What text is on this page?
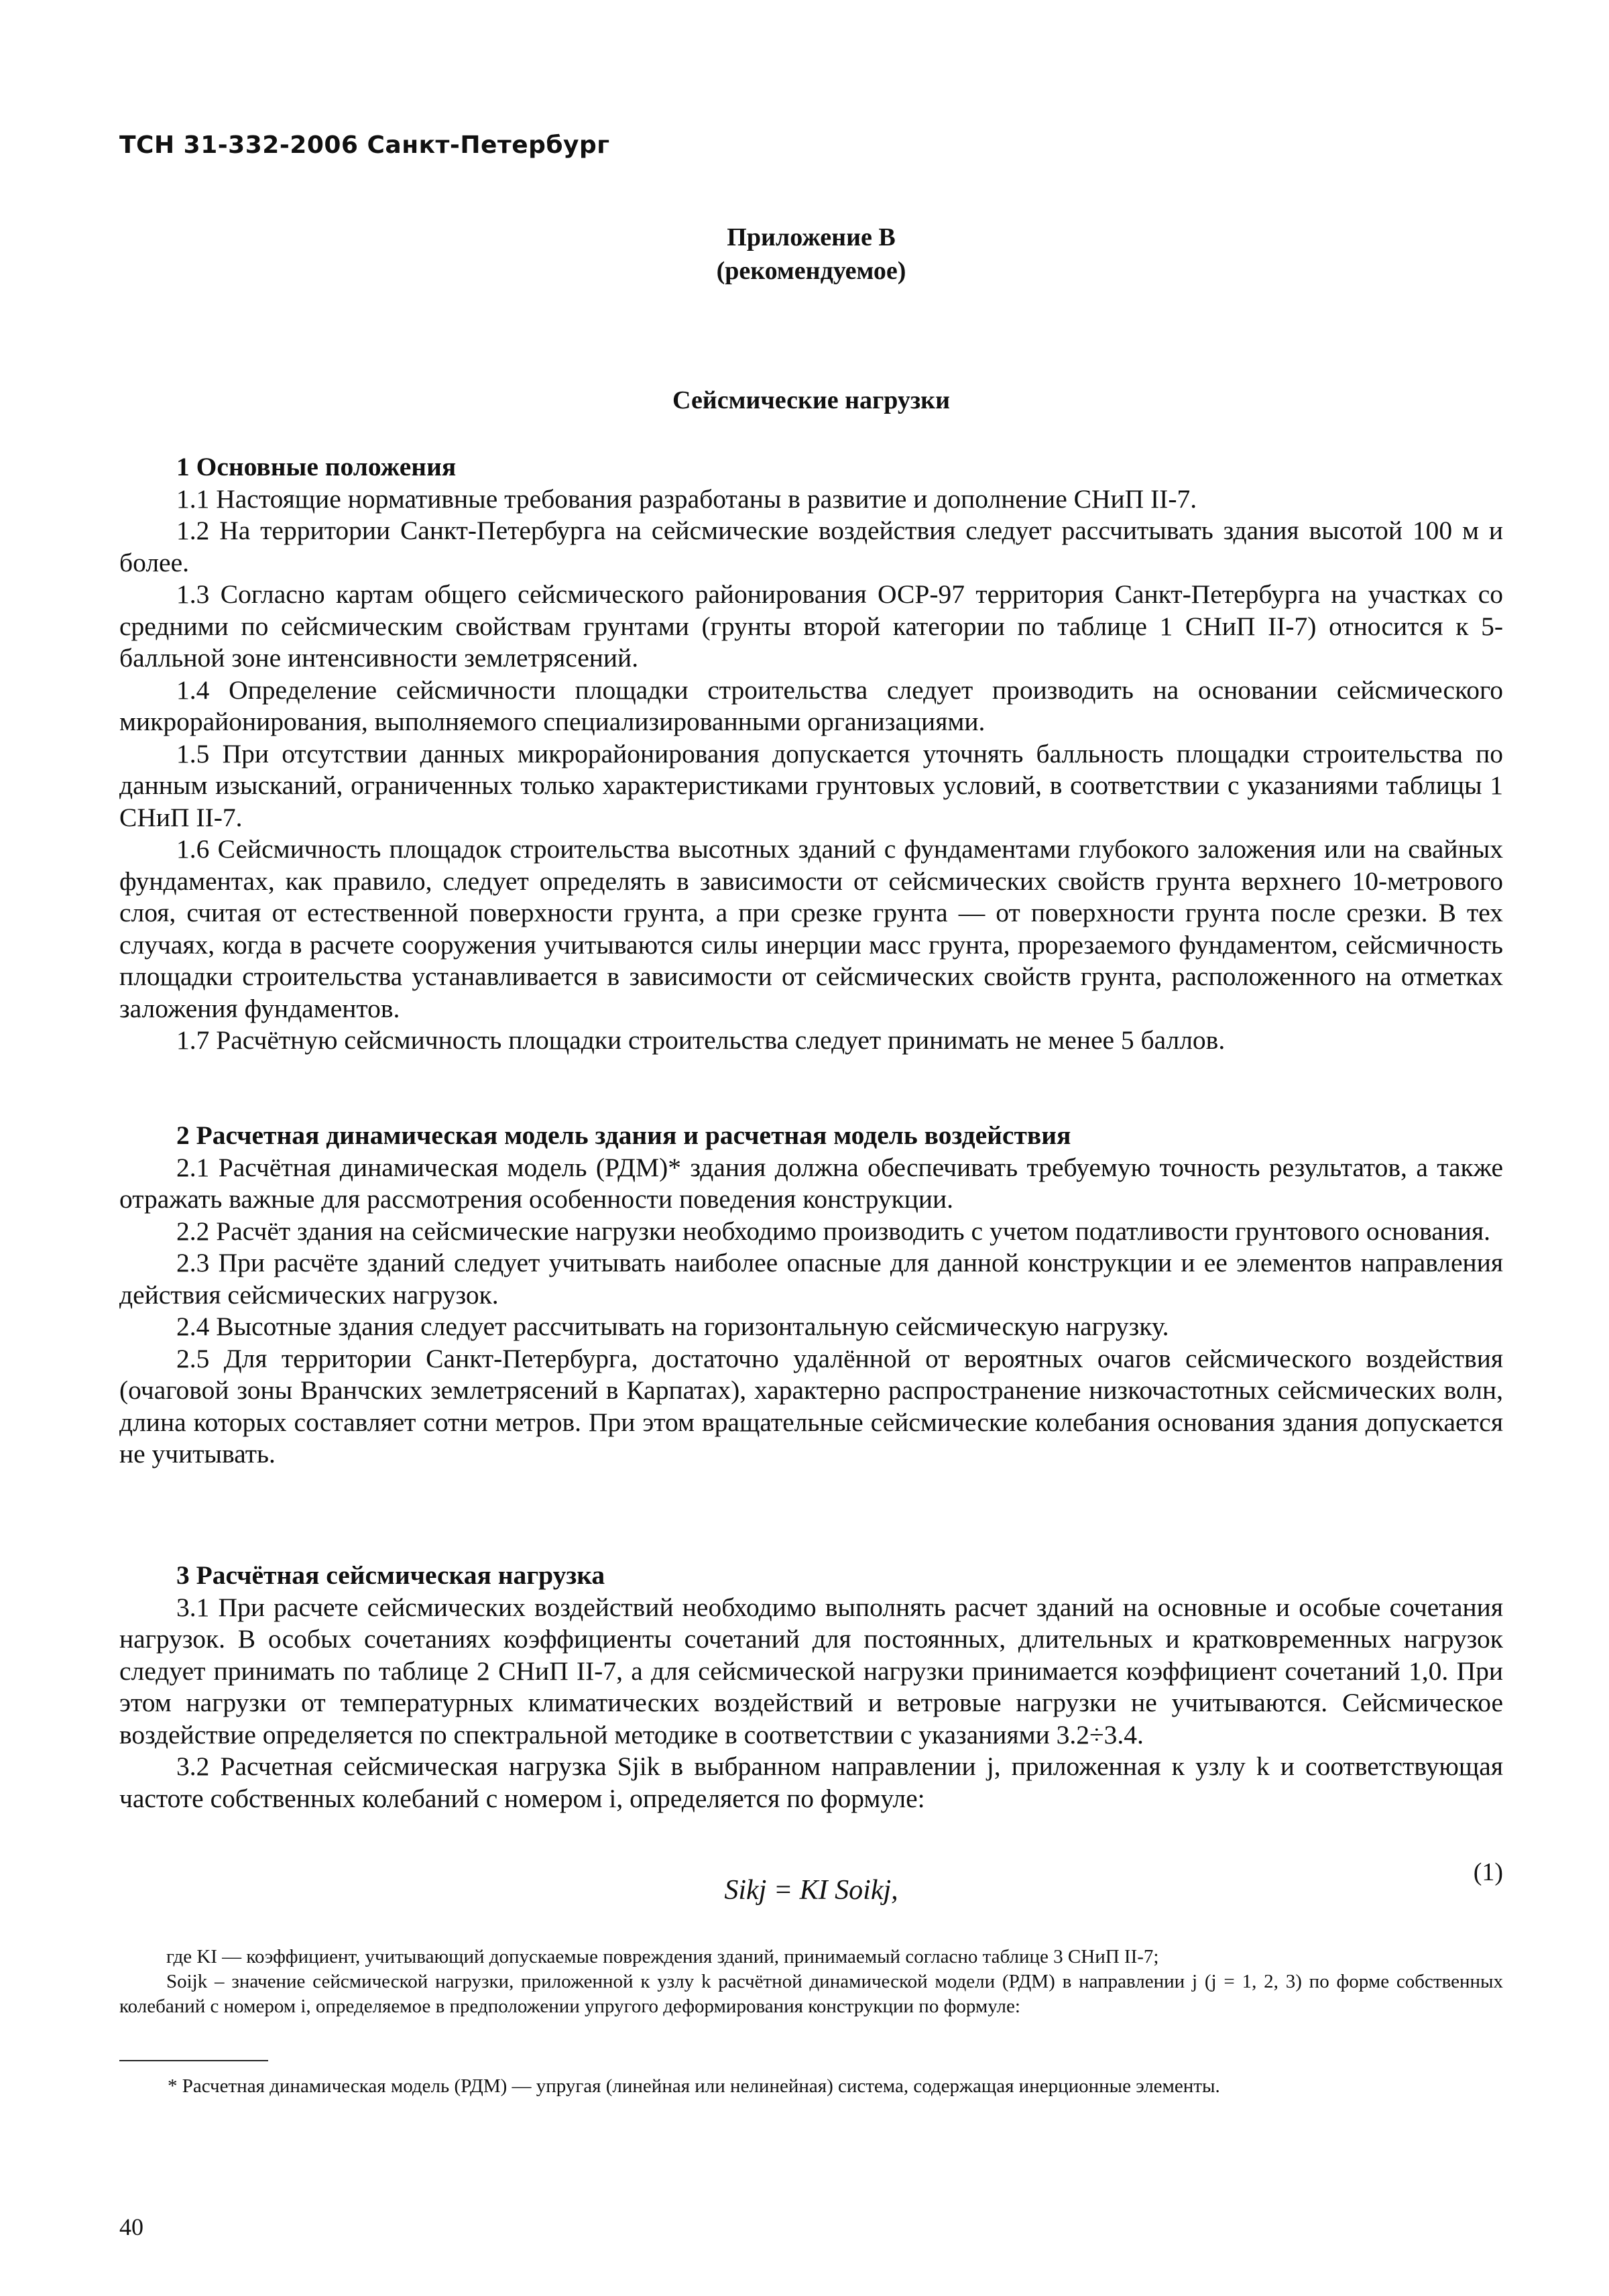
ТСН 31-332-2006 Санкт-Петербург
Приложение В
(рекомендуемое)
Сейсмические нагрузки

1 Основные положения

1.1 Настоящие нормативные требования разработаны в развитие и дополнение СНиП II-7.

1.2 На территории Санкт-Петербурга на сейсмические воздействия следует рассчитывать здания высотой 100 м и более.

1.3 Согласно картам общего сейсмического районирования ОСР-97 территория Санкт-Петербурга на участках со средними по сейсмическим свойствам грунтами (грунты второй категории по таблице 1 СНиП II-7) относится к 5-балльной зоне интенсивности землетрясений.

1.4 Определение сейсмичности площадки строительства следует производить на основании сейсмического микрорайонирования, выполняемого специализированными организациями.

1.5 При отсутствии данных микрорайонирования допускается уточнять балльность площадки строительства по данным изысканий, ограниченных только характеристиками грунтовых условий, в соответствии с указаниями таблицы 1 СНиП II-7.

1.6 Сейсмичность площадок строительства высотных зданий с фундаментами глубокого заложения или на свайных фундаментах, как правило, следует определять в зависимости от сейсмических свойств грунта верхнего 10-метрового слоя, считая от естественной поверхности грунта, а при срезке грунта — от поверхности грунта после срезки. В тех случаях, когда в расчете сооружения учитываются силы инерции масс грунта, прорезаемого фундаментом, сейсмичность площадки строительства устанавливается в зависимости от сейсмических свойств грунта, расположенного на отметках заложения фундаментов.

1.7 Расчётную сейсмичность площадки строительства следует принимать не менее 5 баллов.

2 Расчетная динамическая модель здания и расчетная модель воздействия

2.1 Расчётная динамическая модель (РДМ)* здания должна обеспечивать требуемую точность результатов, а также отражать важные для рассмотрения особенности поведения конструкции.

2.2 Расчёт здания на сейсмические нагрузки необходимо производить с учетом податливости грунтового основания.

2.3 При расчёте зданий следует учитывать наиболее опасные для данной конструкции и ее элементов направления действия сейсмических нагрузок.

2.4 Высотные здания следует рассчитывать на горизонтальную сейсмическую нагрузку.

2.5 Для территории Санкт-Петербурга, достаточно удалённой от вероятных очагов сейсмического воздействия (очаговой зоны Вранчских землетрясений в Карпатах), характерно распространение низкочастотных сейсмических волн, длина которых составляет сотни метров. При этом вращательные сейсмические колебания основания здания допускается не учитывать.

3 Расчётная сейсмическая нагрузка

3.1 При расчете сейсмических воздействий необходимо выполнять расчет зданий на основные и особые сочетания нагрузок. В особых сочетаниях коэффициенты сочетаний для постоянных, длительных и кратковременных нагрузок следует принимать по таблице 2 СНиП II-7, а для сейсмической нагрузки принимается коэффициент сочетаний 1,0. При этом нагрузки от температурных климатических воздействий и ветровые нагрузки не учитываются. Сейсмическое воздействие определяется по спектральной методике в соответствии с указаниями 3.2÷3.4.

3.2 Расчетная сейсмическая нагрузка Sjik в выбранном направлении j, приложенная к узлу k и соответствующая частоте собственных колебаний с номером i, определяется по формуле:

Sikj = KI Soikj,
(1)

где KI — коэффициент, учитывающий допускаемые повреждения зданий, принимаемый согласно таблице 3 СНиП II-7;

Soijk – значение сейсмической нагрузки, приложенной к узлу k расчётной динамической модели (РДМ) в направлении j (j = 1, 2, 3) по форме собственных колебаний с номером i, определяемое в предположении упругого деформирования конструкции по формуле:

* Расчетная динамическая модель (РДМ) — упругая (линейная или нелинейная) система, содержащая инерционные элементы.
40
